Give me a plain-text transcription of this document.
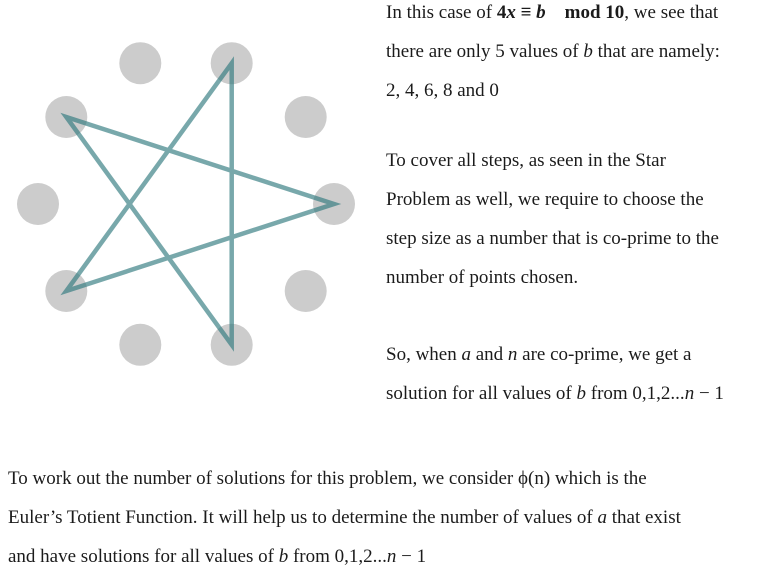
In this case of 4x ≡ b mod 10, we see that
there are only 5 values of b that are namely:
2, 4, 6, 8 and 0
To cover all steps, as seen in the Star
Problem as well, we require to choose the
step size as a number that is co-prime to the
number of points chosen.
So, when a and n are co-prime, we get a
solution for all values of b from 0,1,2...n − 1
To work out the number of solutions for this problem, we consider ϕ(n) which is the
Euler’s Totient Function. It will help us to determine the number of values of a that exist
and have solutions for all values of b from 0,1,2...n − 1
